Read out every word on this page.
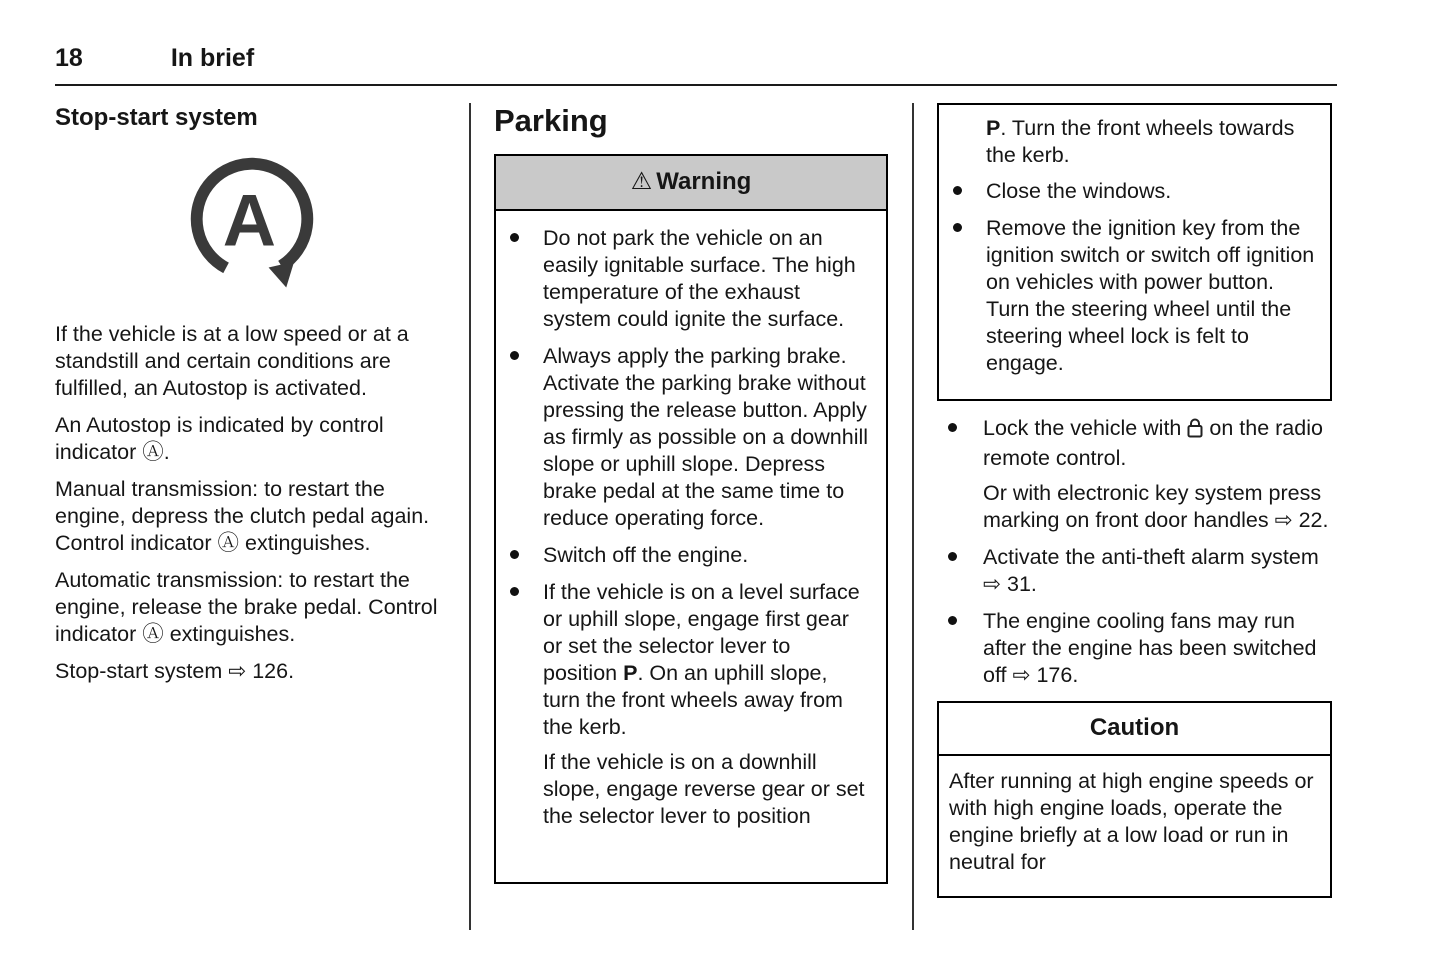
18	In brief
Stop-start system
A

If the vehicle is at a low speed or at a standstill and certain conditions are fulfilled, an Autostop is activated.

An Autostop is indicated by control indicator Ⓐ.

Manual transmission: to restart the engine, depress the clutch pedal again. Control indicator Ⓐ extinguishes.

Automatic transmission: to restart the engine, release the brake pedal. Control indicator Ⓐ extinguishes.

Stop-start system ⇨ 126.

Parking
⚠ Warning
Do not park the vehicle on an easily ignitable surface. The high temperature of the exhaust system could ignite the surface.
Always apply the parking brake. Activate the parking brake without pressing the release button. Apply as firmly as possible on a downhill slope or uphill slope. Depress brake pedal at the same time to reduce operating force.
Switch off the engine.

If the vehicle is on a level surface or uphill slope, engage first gear or set the selector lever to position P. On an uphill slope, turn the front wheels away from the kerb.

If the vehicle is on a downhill slope, engage reverse gear or set the selector lever to position

P. Turn the front wheels towards the kerb.

Close the windows.
Remove the ignition key from the ignition switch or switch off ignition on vehicles with power button. Turn the steering wheel until the steering wheel lock is felt to engage.

Lock the vehicle with on the radio remote control.

Or with electronic key system press marking on front door handles ⇨ 22.

Activate the anti-theft alarm system ⇨ 31.
The engine cooling fans may run after the engine has been switched off ⇨ 176.
Caution
After running at high engine speeds or with high engine loads, operate the engine briefly at a low load or run in neutral for
